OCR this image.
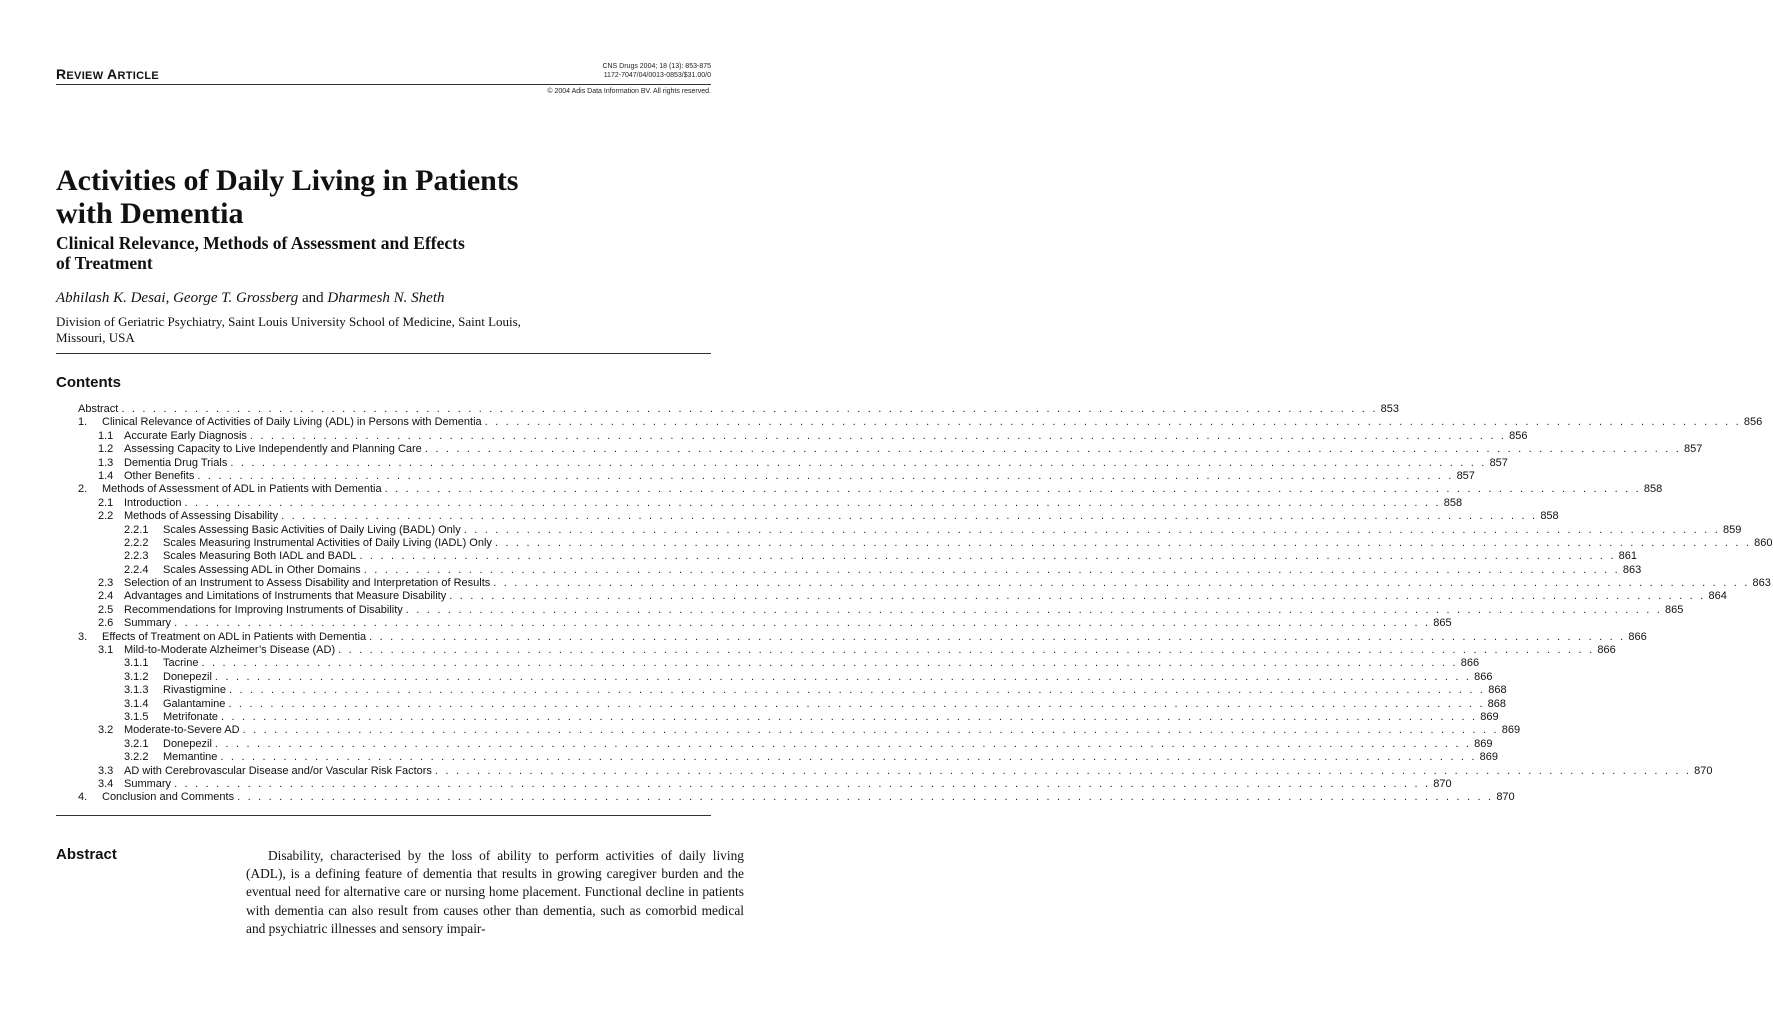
REVIEW ARTICLE
CNS Drugs 2004; 18 (13): 853-875
1172-7047/04/0013-0853/$31.00/0
© 2004 Adis Data Information BV. All rights reserved.
Activities of Daily Living in Patients
with Dementia
Clinical Relevance, Methods of Assessment and Effects
of Treatment
Abhilash K. Desai, George T. Grossberg and Dharmesh N. Sheth
Division of Geriatric Psychiatry, Saint Louis University School of Medicine, Saint Louis,
Missouri, USA
Contents
Abstract . . . . . . . . . . . . . . . . . . . . . . . . . . . . . . . . . . . . . . . . . . . . . . . . . . . . . . . . . . . . . . . . . . . . . . . . . . . . . . . . . . . . . . . . . . . . . . . . . . . . . . . . . . . . . . . . . . . . . . . . 853
1.	Clinical Relevance of Activities of Daily Living (ADL) in Persons with Dementia . . . . . . . . . . . . . . . . . . . . . . . . . . . . . . . . . . . . . . . . . . . . . . . . . . . . . . . . . . . . . . . . . . . . . . . . . . . . . . . . . . . . . . . . . . . . . . . . . . . . . . . . . . . . . . . . . . . . . . . . 856
1.1 Accurate Early Diagnosis . . . . . . . . . . . . . . . . . . . . . . . . . . . . . . . . . . . . . . . . . . . . . . . . . . . . . . . . . . . . . . . . . . . . . . . . . . . . . . . . . . . . . . . . . . . . . . . . . . . . . . . . . . . . . . . . . . . . . . . . 856
1.2 Assessing Capacity to Live Independently and Planning Care . . . . . . . . . . . . . . . . . . . . . . . . . . . . . . . . . . . . . . . . . . . . . . . . . . . . . . . . . . . . . . . . . . . . . . . . . . . . . . . . . . . . . . . . . . . . . . . . . . . . . . . . . . . . . . . . . . . . . . . . 857
1.3 Dementia Drug Trials . . . . . . . . . . . . . . . . . . . . . . . . . . . . . . . . . . . . . . . . . . . . . . . . . . . . . . . . . . . . . . . . . . . . . . . . . . . . . . . . . . . . . . . . . . . . . . . . . . . . . . . . . . . . . . . . . . . . . . . . 857
1.4 Other Benefits . . . . . . . . . . . . . . . . . . . . . . . . . . . . . . . . . . . . . . . . . . . . . . . . . . . . . . . . . . . . . . . . . . . . . . . . . . . . . . . . . . . . . . . . . . . . . . . . . . . . . . . . . . . . . . . . . . . . . . . . 857
2.	Methods of Assessment of ADL in Patients with Dementia . . . . . . . . . . . . . . . . . . . . . . . . . . . . . . . . . . . . . . . . . . . . . . . . . . . . . . . . . . . . . . . . . . . . . . . . . . . . . . . . . . . . . . . . . . . . . . . . . . . . . . . . . . . . . . . . . . . . . . . . 858
2.1 Introduction . . . . . . . . . . . . . . . . . . . . . . . . . . . . . . . . . . . . . . . . . . . . . . . . . . . . . . . . . . . . . . . . . . . . . . . . . . . . . . . . . . . . . . . . . . . . . . . . . . . . . . . . . . . . . . . . . . . . . . . . 858
2.2 Methods of Assessing Disability . . . . . . . . . . . . . . . . . . . . . . . . . . . . . . . . . . . . . . . . . . . . . . . . . . . . . . . . . . . . . . . . . . . . . . . . . . . . . . . . . . . . . . . . . . . . . . . . . . . . . . . . . . . . . . . . . . . . . . . . 858
2.2.1	Scales Assessing Basic Activities of Daily Living (BADL) Only . . . . . . . . . . . . . . . . . . . . . . . . . . . . . . . . . . . . . . . . . . . . . . . . . . . . . . . . . . . . . . . . . . . . . . . . . . . . . . . . . . . . . . . . . . . . . . . . . . . . . . . . . . . . . . . . . . . . . . . . 859
2.2.2	Scales Measuring Instrumental Activities of Daily Living (IADL) Only . . . . . . . . . . . . . . . . . . . . . . . . . . . . . . . . . . . . . . . . . . . . . . . . . . . . . . . . . . . . . . . . . . . . . . . . . . . . . . . . . . . . . . . . . . . . . . . . . . . . . . . . . . . . . . . . . . . . . . . . 860
2.2.3	Scales Measuring Both IADL and BADL . . . . . . . . . . . . . . . . . . . . . . . . . . . . . . . . . . . . . . . . . . . . . . . . . . . . . . . . . . . . . . . . . . . . . . . . . . . . . . . . . . . . . . . . . . . . . . . . . . . . . . . . . . . . . . . . . . . . . . . . 861
2.2.4	Scales Assessing ADL in Other Domains . . . . . . . . . . . . . . . . . . . . . . . . . . . . . . . . . . . . . . . . . . . . . . . . . . . . . . . . . . . . . . . . . . . . . . . . . . . . . . . . . . . . . . . . . . . . . . . . . . . . . . . . . . . . . . . . . . . . . . . . 863
2.3 Selection of an Instrument to Assess Disability and Interpretation of Results . . . . . . . . . . . . . . . . . . . . . . . . . . . . . . . . . . . . . . . . . . . . . . . . . . . . . . . . . . . . . . . . . . . . . . . . . . . . . . . . . . . . . . . . . . . . . . . . . . . . . . . . . . . . . . . . . . . . . . . . 863
2.4 Advantages and Limitations of Instruments that Measure Disability . . . . . . . . . . . . . . . . . . . . . . . . . . . . . . . . . . . . . . . . . . . . . . . . . . . . . . . . . . . . . . . . . . . . . . . . . . . . . . . . . . . . . . . . . . . . . . . . . . . . . . . . . . . . . . . . . . . . . . . . 864
2.5 Recommendations for Improving Instruments of Disability . . . . . . . . . . . . . . . . . . . . . . . . . . . . . . . . . . . . . . . . . . . . . . . . . . . . . . . . . . . . . . . . . . . . . . . . . . . . . . . . . . . . . . . . . . . . . . . . . . . . . . . . . . . . . . . . . . . . . . . . 865
2.6 Summary . . . . . . . . . . . . . . . . . . . . . . . . . . . . . . . . . . . . . . . . . . . . . . . . . . . . . . . . . . . . . . . . . . . . . . . . . . . . . . . . . . . . . . . . . . . . . . . . . . . . . . . . . . . . . . . . . . . . . . . . 865
3.	Effects of Treatment on ADL in Patients with Dementia . . . . . . . . . . . . . . . . . . . . . . . . . . . . . . . . . . . . . . . . . . . . . . . . . . . . . . . . . . . . . . . . . . . . . . . . . . . . . . . . . . . . . . . . . . . . . . . . . . . . . . . . . . . . . . . . . . . . . . . . 866
3.1 Mild-to-Moderate Alzheimer’s Disease (AD) . . . . . . . . . . . . . . . . . . . . . . . . . . . . . . . . . . . . . . . . . . . . . . . . . . . . . . . . . . . . . . . . . . . . . . . . . . . . . . . . . . . . . . . . . . . . . . . . . . . . . . . . . . . . . . . . . . . . . . . . 866
3.1.1	Tacrine . . . . . . . . . . . . . . . . . . . . . . . . . . . . . . . . . . . . . . . . . . . . . . . . . . . . . . . . . . . . . . . . . . . . . . . . . . . . . . . . . . . . . . . . . . . . . . . . . . . . . . . . . . . . . . . . . . . . . . . . 866
3.1.2	Donepezil . . . . . . . . . . . . . . . . . . . . . . . . . . . . . . . . . . . . . . . . . . . . . . . . . . . . . . . . . . . . . . . . . . . . . . . . . . . . . . . . . . . . . . . . . . . . . . . . . . . . . . . . . . . . . . . . . . . . . . . . 866
3.1.3	Rivastigmine . . . . . . . . . . . . . . . . . . . . . . . . . . . . . . . . . . . . . . . . . . . . . . . . . . . . . . . . . . . . . . . . . . . . . . . . . . . . . . . . . . . . . . . . . . . . . . . . . . . . . . . . . . . . . . . . . . . . . . . . 868
3.1.4	Galantamine . . . . . . . . . . . . . . . . . . . . . . . . . . . . . . . . . . . . . . . . . . . . . . . . . . . . . . . . . . . . . . . . . . . . . . . . . . . . . . . . . . . . . . . . . . . . . . . . . . . . . . . . . . . . . . . . . . . . . . . . 868
3.1.5	Metrifonate . . . . . . . . . . . . . . . . . . . . . . . . . . . . . . . . . . . . . . . . . . . . . . . . . . . . . . . . . . . . . . . . . . . . . . . . . . . . . . . . . . . . . . . . . . . . . . . . . . . . . . . . . . . . . . . . . . . . . . . . 869
3.2 Moderate-to-Severe AD . . . . . . . . . . . . . . . . . . . . . . . . . . . . . . . . . . . . . . . . . . . . . . . . . . . . . . . . . . . . . . . . . . . . . . . . . . . . . . . . . . . . . . . . . . . . . . . . . . . . . . . . . . . . . . . . . . . . . . . . 869
3.2.1	Donepezil . . . . . . . . . . . . . . . . . . . . . . . . . . . . . . . . . . . . . . . . . . . . . . . . . . . . . . . . . . . . . . . . . . . . . . . . . . . . . . . . . . . . . . . . . . . . . . . . . . . . . . . . . . . . . . . . . . . . . . . . 869
3.2.2	Memantine . . . . . . . . . . . . . . . . . . . . . . . . . . . . . . . . . . . . . . . . . . . . . . . . . . . . . . . . . . . . . . . . . . . . . . . . . . . . . . . . . . . . . . . . . . . . . . . . . . . . . . . . . . . . . . . . . . . . . . . . 869
3.3 AD with Cerebrovascular Disease and/or Vascular Risk Factors . . . . . . . . . . . . . . . . . . . . . . . . . . . . . . . . . . . . . . . . . . . . . . . . . . . . . . . . . . . . . . . . . . . . . . . . . . . . . . . . . . . . . . . . . . . . . . . . . . . . . . . . . . . . . . . . . . . . . . . . 870
3.4 Summary . . . . . . . . . . . . . . . . . . . . . . . . . . . . . . . . . . . . . . . . . . . . . . . . . . . . . . . . . . . . . . . . . . . . . . . . . . . . . . . . . . . . . . . . . . . . . . . . . . . . . . . . . . . . . . . . . . . . . . . . 870
4.	Conclusion and Comments . . . . . . . . . . . . . . . . . . . . . . . . . . . . . . . . . . . . . . . . . . . . . . . . . . . . . . . . . . . . . . . . . . . . . . . . . . . . . . . . . . . . . . . . . . . . . . . . . . . . . . . . . . . . . . . . . . . . . . . . 870
Abstract	Disability, characterised by the loss of ability to perform activities of daily living (ADL), is a defining feature of dementia that results in growing caregiver burden and the eventual need for alternative care or nursing home placement. Functional decline in patients with dementia can also result from causes other than dementia, such as comorbid medical and psychiatric illnesses and sensory impair-
